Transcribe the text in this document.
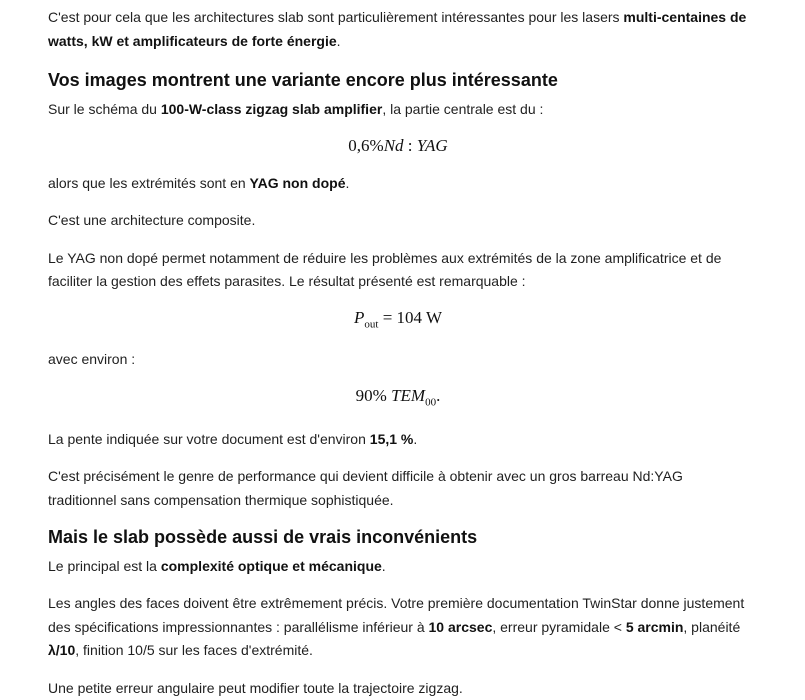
C'est pour cela que les architectures slab sont particulièrement intéressantes pour les lasers multi-centaines de watts, kW et amplificateurs de forte énergie.

Vos images montrent une variante encore plus intéressante

Sur le schéma du 100-W-class zigzag slab amplifier, la partie centrale est du :

0,6%Nd : YAG

alors que les extrémités sont en YAG non dopé.

C'est une architecture composite.

Le YAG non dopé permet notamment de réduire les problèmes aux extrémités de la zone amplificatrice et de faciliter la gestion des effets parasites. Le résultat présenté est remarquable :

$P_{out} = 104$ W

avec environ :

90% $TEM_{00}$.

La pente indiquée sur votre document est d'environ 15,1 %.

C'est précisément le genre de performance qui devient difficile à obtenir avec un gros barreau Nd:YAG traditionnel sans compensation thermique sophistiquée.

Mais le slab possède aussi de vrais inconvénients

Le principal est la complexité optique et mécanique.

Les angles des faces doivent être extrêmement précis. Votre première documentation TwinStar donne justement des spécifications impressionnantes : parallélisme inférieur à 10 arcsec, erreur pyramidale < 5 arcmin, planéité λ/10, finition 10/5 sur les faces d'extrémité.

Une petite erreur angulaire peut modifier toute la trajectoire zigzag.
